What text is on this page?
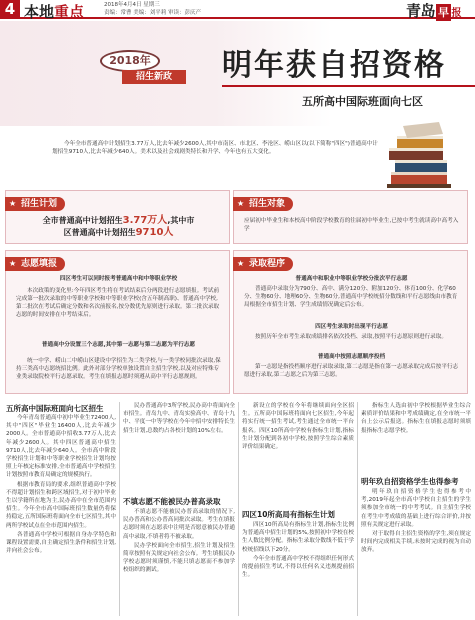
4 本地重点	2018年4月4日 星期三
责编：常曹 美编：刘平莉 审读：彭庆产	青岛 早 报
2018年
招生新政	明年获自招资格
五所高中国际班面向七区
今年全市普通高中计划招生3.77万人,比去年减少2600人,其中市南区、市北区、李沧区、崂山区以(以下简称"四区")普通高中计划招生9710人,比去年减少640人。美术以及社会戏剧类特长和升学、今年也有五大变化。
★ 招生计划
全市普通高中计划招生3.77万人,其中市
区普通高中计划招生9710人
★ 志愿填报
四区考生可以同时报考普通高中和中等职业学校
本次政策的变化里:今年四区考生将在考试结束后分两段进行志愿填报。考试前完成第一批次录取的中等职业学校和中等职业学校(含五年制高职)、普通高中学校,第二批次在考试后确定分数和名次前报名,按分数优先原则进行录取。第二批次录取志愿的时间安排在中考结束后。
普通高中分设置三个志愿,其中第一志愿与第二志愿为平行志愿
统一中学、崂山二中崂山区建设中学招生为二类学校,与一类学校同批次录取,保持三类高中志愿统招比例。此外对部分学校单独设置自主招生学校,以及对应特殊专业类录取院校平行志愿录取。考生在填报志愿时须遵从高中平行志愿规则。
★ 招生对象
应届初中毕业生和本校高中阶段学校教育的往届初中毕业生,已按中考生就读高中高考入学
★ 录取程序
普通高中和职业中等职业学校分批次平行志愿
普通高中录取分为790分、高中、满分120分、附加120分、体育100分、化学60分、生物60分、地理60分、生物60分,普通高中学校统招分数线和平行志愿线由市教育局根据全市招生计划、学生成绩情况确定后公布。
四区考生录取时出现平行志愿
按照历年全市考生录取成绩排名依次投档、录取,按照平行志愿原则进行录取。
普通高中按照志愿顺序投档
第一志愿是指投档顺序进行录取录取,第二志愿是指在第一志愿录取完成后按平行志愿进行录取,第二志愿之后为第三志愿。
五所高中国际班面向七区招生

今年青岛普通高中初中毕业生72400人,其中"四区"毕业生16400人,比去年减少2000人。全市普通高中招收3.77万人,比去年减少2600人。其中四区普通高中招生9710人,比去年减少640人。全市高中阶段学校招生计划和中等职业学校招生计划均按照上年核定标准安排,全市普通高中学校招生计划按照市教育局确定的规模执行。

根据市教育局的要求,组织普通高中学校不得超计划招生和跨区域招生,对于初中毕业生以学籍所在地为主,民办高中在全市范围内招生。今年全市高中国际班招生数量仍将保持稳定,五所国际班将面向全市七区招生,其中两所学校试点在全市范围内招生。

各普通高中学校可根据自身办学特色和课程设置需要,自主确定招生条件和招生计划,并向社会公布。

民办普通高中3所学校,民办高中将面向全市招生。青岛九中、青岛实验高中、青岛十九中、平度一中等学校在今年中招中安排特长生招生计划,总数约占各校计划的10%左右。

不填志愿不能被民办普高录取

不填志愿不能被民办普高录取的情况下,民办普高和公办普高同批次录取。考生在填报志愿时须在志愿表中注明是否愿意被民办普通高中录取,不填者将不被录取。

民办学校面向全市招生,招生计划及招生简章按照有关规定向社会公布。考生填报民办学校志愿时须谨慎,不能只填志愿而不参加学校组织的测试。

新设立的学校在今年将继续面向全区招生。五所高中国际班将面向七区招生,今年起将实行统一招生考试,考生通过全市统一平台报名。四区10所高中学校有指标生计划,指标生计划分配到各初中学校,按照学生综合素质评价结果确定。

四区10所高局有指标生计划

四区10所高局有指标生计划,指标生比例为普通高中招生计划的5%,按照初中学校在校生人数比例分配。指标生录取分数线不低于学校统招线以下20分。

今年全市普通高中学校不得组织任何形式的提前招生考试,不得以任何名义违规提前招生。

指标生人选由初中学校根据毕业生综合素质评价结果和中考成绩确定,在全市统一平台上公示后报送。指标生在填报志愿时须填报指标生志愿学校。

明年玖自招资格学生也得参考

明年玖自招资格学生也得参考中考,2019年起全市高中学校自主招生的学生须参加全市统一的中考考试。自主招生学校在考生中考成绩的基础上进行综合评价,并按照有关规定进行录取。

对于取得自主招生资格的学生,须在规定时间内完成相关手续,未按时完成的视为自动放弃。
